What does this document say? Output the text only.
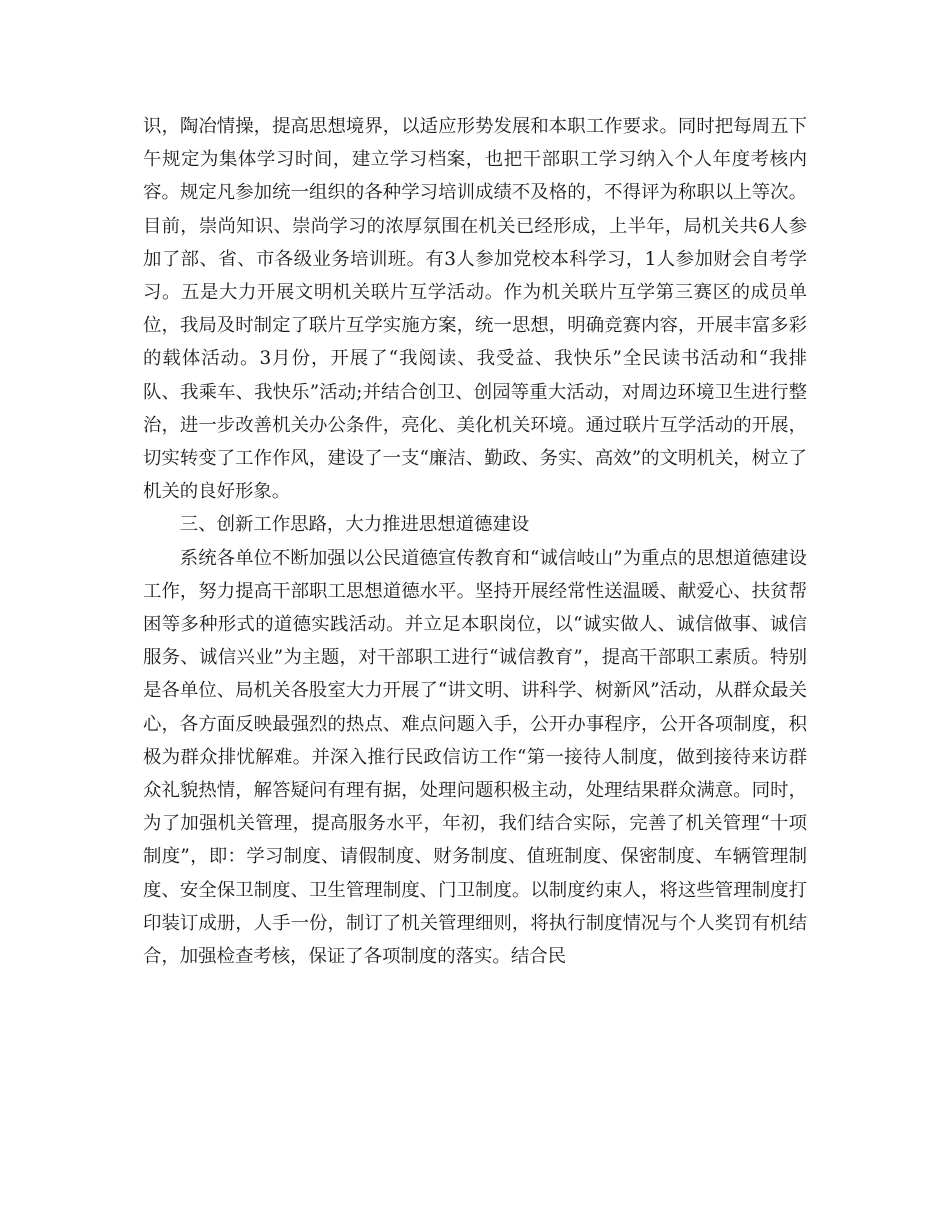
识，陶冶情操，提高思想境界，以适应形势发展和本职工作要求。同时把每周五下午规定为集体学习时间，建立学习档案，也把干部职工学习纳入个人年度考核内容。规定凡参加统一组织的各种学习培训成绩不及格的，不得评为称职以上等次。目前，崇尚知识、崇尚学习的浓厚氛围在机关已经形成，上半年，局机关共6人参加了部、省、市各级业务培训班。有3人参加党校本科学习，1人参加财会自考学习。五是大力开展文明机关联片互学活动。作为机关联片互学第三赛区的成员单位，我局及时制定了联片互学实施方案，统一思想，明确竞赛内容，开展丰富多彩的载体活动。3月份，开展了“我阅读、我受益、我快乐”全民读书活动和“我排队、我乘车、我快乐”活动;并结合创卫、创园等重大活动，对周边环境卫生进行整治，进一步改善机关办公条件，亮化、美化机关环境。通过联片互学活动的开展，切实转变了工作作风，建设了一支“廉洁、勤政、务实、高效”的文明机关，树立了机关的良好形象。

三、创新工作思路，大力推进思想道德建设

系统各单位不断加强以公民道德宣传教育和“诚信岐山”为重点的思想道德建设工作，努力提高干部职工思想道德水平。坚持开展经常性送温暖、献爱心、扶贫帮困等多种形式的道德实践活动。并立足本职岗位，以“诚实做人、诚信做事、诚信服务、诚信兴业”为主题，对干部职工进行“诚信教育”，提高干部职工素质。特别是各单位、局机关各股室大力开展了“讲文明、讲科学、树新风”活动，从群众最关心，各方面反映最强烈的热点、难点问题入手，公开办事程序，公开各项制度，积极为群众排忧解难。并深入推行民政信访工作“第一接待人制度，做到接待来访群众礼貌热情，解答疑问有理有据，处理问题积极主动，处理结果群众满意。同时，为了加强机关管理，提高服务水平，年初，我们结合实际，完善了机关管理“十项制度”，即：学习制度、请假制度、财务制度、值班制度、保密制度、车辆管理制度、安全保卫制度、卫生管理制度、门卫制度。以制度约束人，将这些管理制度打印装订成册，人手一份，制订了机关管理细则，将执行制度情况与个人奖罚有机结合，加强检查考核，保证了各项制度的落实。结合民
